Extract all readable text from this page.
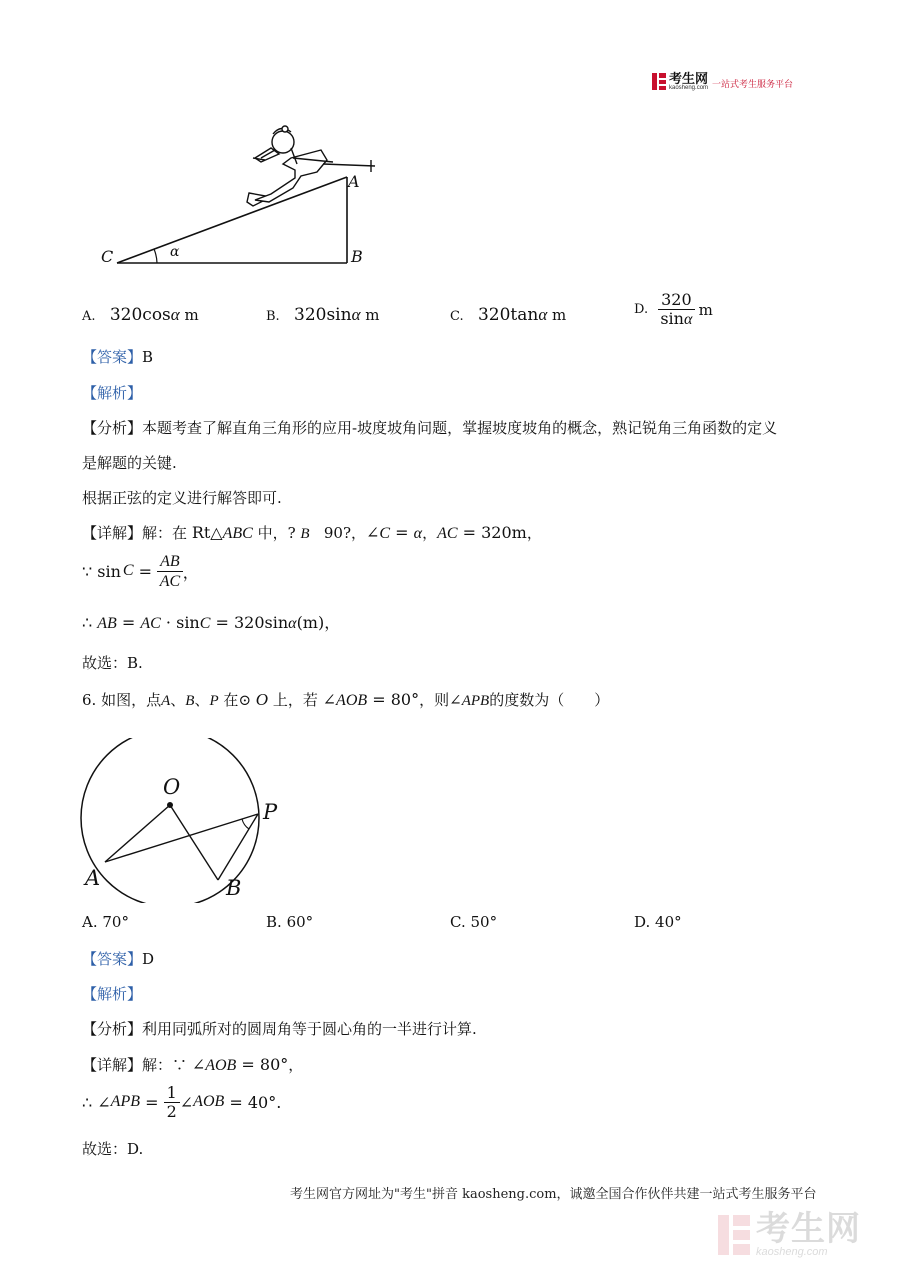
考生网
kaosheng.com 一站式考生服务平台
C	α	B
A
A. 320cosα m	B. 320sinα m	C. 320tanα m	D. $\frac{320}{\sin\alpha}$ m
【答案】B
【解析】
【分析】本题考查了解直角三角形的应用-坡度坡角问题，掌握坡度坡角的概念，熟记锐角三角函数的定义
是解题的关键.
根据正弦的定义进行解答即可.
【详解】解：在 Rt△ABC 中，? B   90?，∠C = α，AC = 320m，
∵ $\sin C = \frac{AB}{AC}$ ，
∴ AB = AC · sinC = 320sinα(m)，
故选：B.
6. 如图，点A、B、P 在⊙ O 上，若 ∠AOB = 80°，则∠APB的度数为（　　）
O
P
A	B
A. 70°	B. 60°	C. 50°	D. 40°
【答案】D
【解析】
【分析】利用同弧所对的圆周角等于圆心角的一半进行计算.
【详解】解：∵ ∠AOB = 80°，
∴ ∠ APB = $\frac{1}{2}$ ∠ AOB = 40°.
故选：D.
考生网官方网址为"考生"拼音 kaosheng.com，诚邀全国合作伙伴共建一站式考生服务平台
考生网
kaosheng.com
